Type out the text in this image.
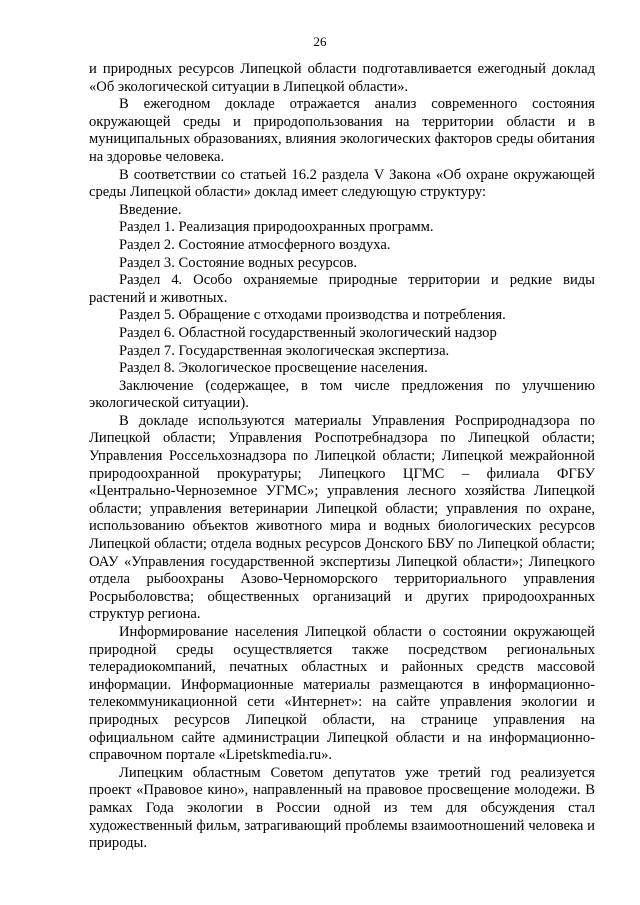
26

и природных ресурсов Липецкой области подготавливается ежегодный доклад «Об экологической ситуации в Липецкой области».

В ежегодном докладе отражается анализ современного состояния окружающей среды и природопользования на территории области и в муниципальных образованиях, влияния экологических факторов среды обитания на здоровье человека.

В соответствии со статьей 16.2 раздела V Закона «Об охране окружающей среды Липецкой области» доклад имеет следующую структуру:

Введение.

Раздел 1. Реализация природоохранных программ.

Раздел 2. Состояние атмосферного воздуха.

Раздел 3. Состояние водных ресурсов.

Раздел 4. Особо охраняемые природные территории и редкие виды растений и животных.

Раздел 5. Обращение с отходами производства и потребления.

Раздел 6. Областной государственный экологический надзор

Раздел 7. Государственная экологическая экспертиза.

Раздел 8. Экологическое просвещение населения.

Заключение (содержащее, в том числе предложения по улучшению экологической ситуации).

В докладе используются материалы Управления Росприроднадзора по Липецкой области; Управления Роспотребнадзора по Липецкой области; Управления Россельхознадзора по Липецкой области; Липецкой межрайонной природоохранной прокуратуры; Липецкого ЦГМС – филиала ФГБУ «Центрально-Черноземное УГМС»; управления лесного хозяйства Липецкой области; управления ветеринарии Липецкой области; управления по охране, использованию объектов животного мира и водных биологических ресурсов Липецкой области; отдела водных ресурсов Донского БВУ по Липецкой области; ОАУ «Управления государственной экспертизы Липецкой области»; Липецкого отдела рыбоохраны Азово-Черноморского территориального управления Росрыболовства; общественных организаций и других природоохранных структур региона.

Информирование населения Липецкой области о состоянии окружающей природной среды осуществляется также посредством региональных телерадиокомпаний, печатных областных и районных средств массовой информации. Информационные материалы размещаются в информационно-телекоммуникационной сети «Интернет»: на сайте управления экологии и природных ресурсов Липецкой области, на странице управления на официальном сайте администрации Липецкой области и на информационно-справочном портале «Lipetskmedia.ru».

Липецким областным Советом депутатов уже третий год реализуется проект «Правовое кино», направленный на правовое просвещение молодежи. В рамках Года экологии в России одной из тем для обсуждения стал художественный фильм, затрагивающий проблемы взаимоотношений человека и природы.
